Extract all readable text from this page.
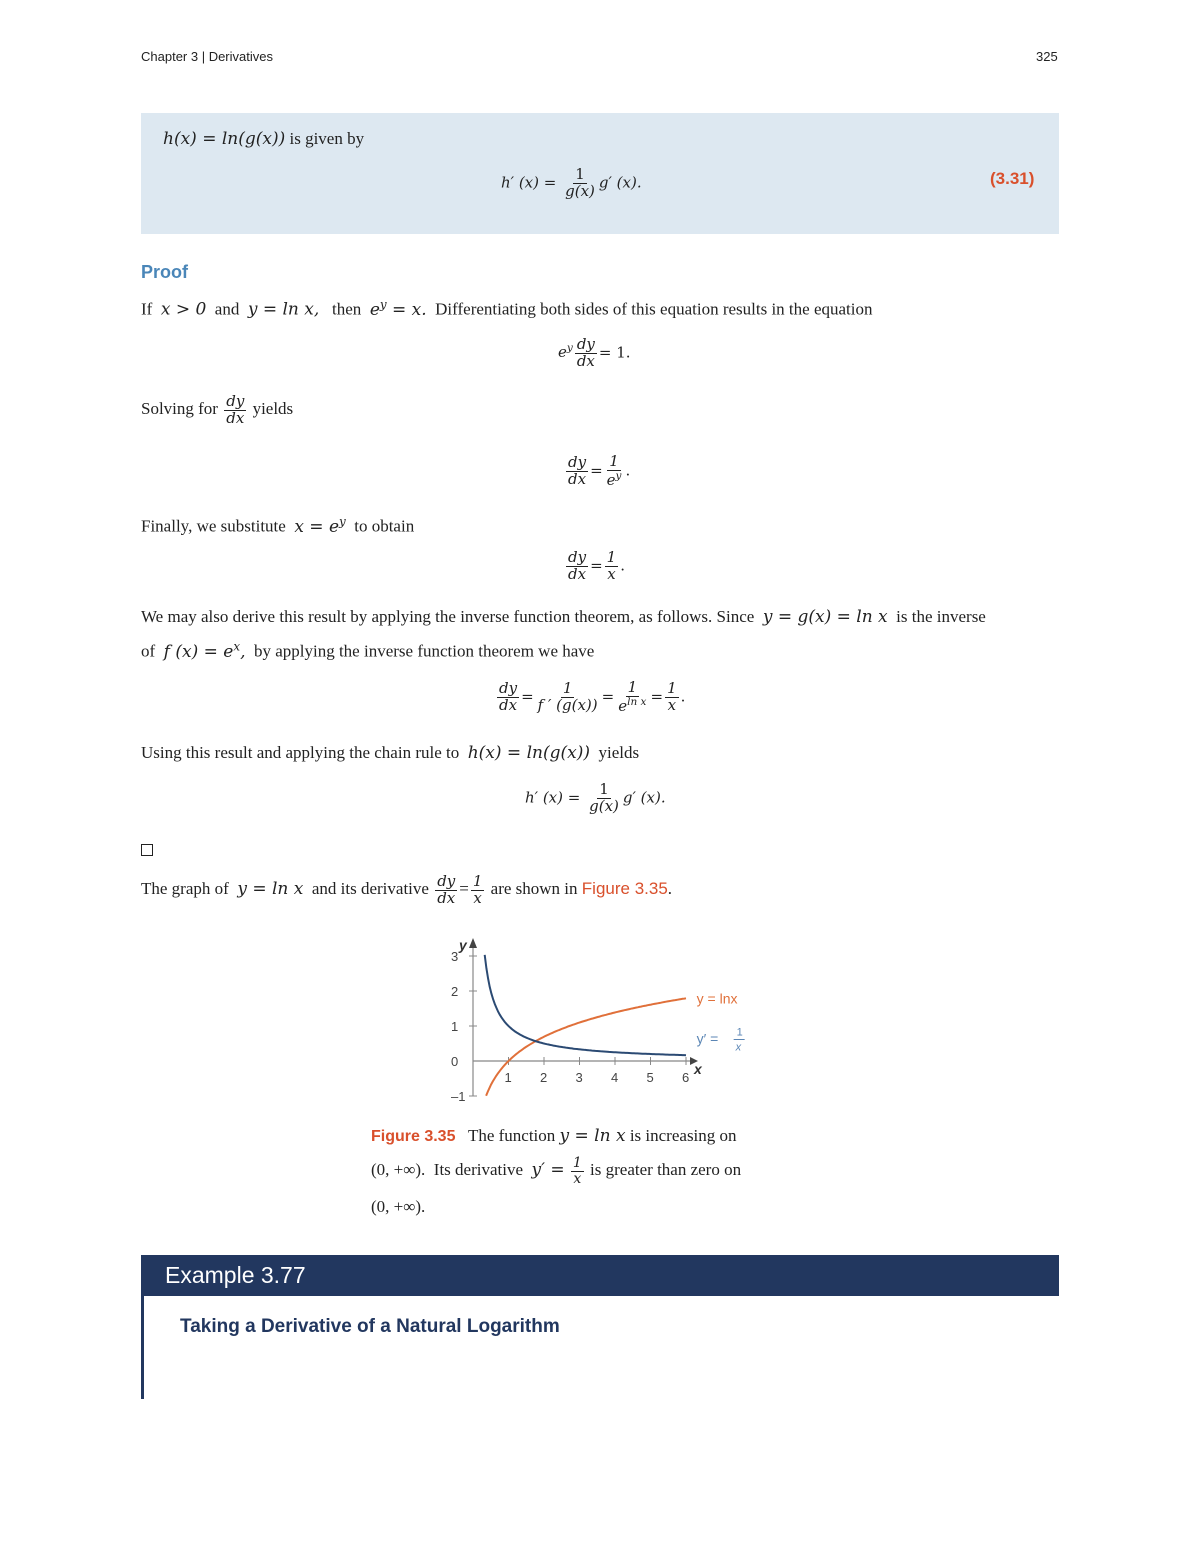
Chapter 3 | Derivatives	325
h(x) = ln(g(x)) is given by
h′ $(x) = \frac{1}{g(x)} g'$ (x).	(3.31)
Proof
If x > 0 and y = ln x, then $e^y = x$. Differentiating both sides of this equation results in the equation
$e^y \frac{dy}{dx} = 1$.
Solving for $\frac{dy}{dx}$ yields
$\frac{dy}{dx} = \frac{1}{e^y}$ .
Finally, we substitute $x = e^y$ to obtain
$\frac{dy}{dx} = \frac{1}{x}$ .
We may also derive this result by applying the inverse function theorem, as follows. Since y = g(x) = ln x is the inverse
of f $(x) = e^x$, by applying the inverse function theorem we have
$\frac{dy}{dx} = \frac{1}{f ' (g(x))} = \frac{1}{e^{ln x}} = \frac{1}{x}$ .
Using this result and applying the chain rule to h(x) = ln(g(x)) yields
h′ $(x) = \frac{1}{g(x)} g'$ (x).
The graph of y = ln x and its derivative $\frac{dy}{dx} = \frac{1}{x}$ are shown in Figure 3.35.
y
x
1 2 3 4 5 6
–1
0
1
2
3
y = lnx
y′ = 1
x
Figure 3.35 The function y = ln x is increasing on
(0, +∞). Its derivative $y' = \frac{1}{x}$ is greater than zero on
(0, +∞).
Example 3.77
Taking a Derivative of a Natural Logarithm
